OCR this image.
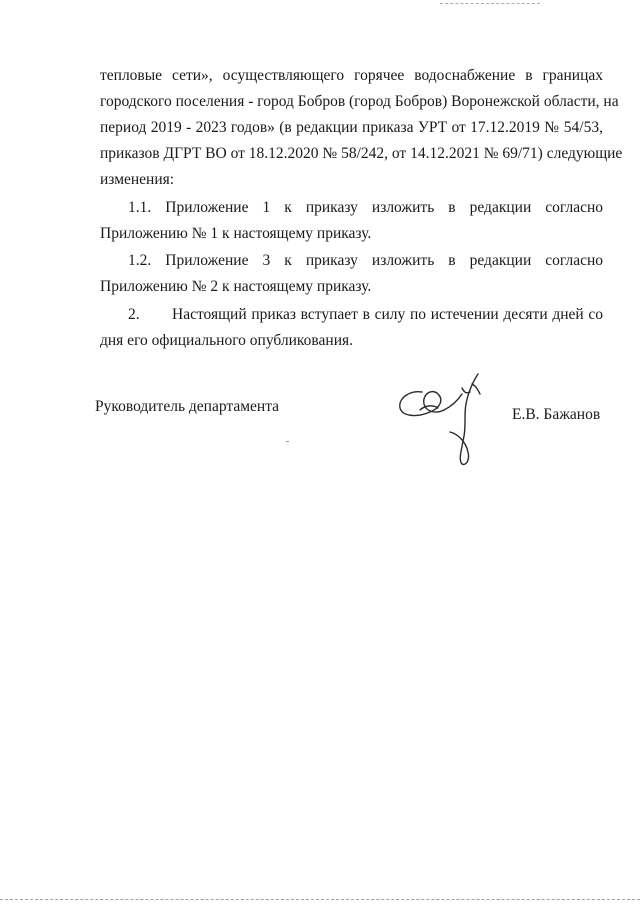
тепловые сети», осуществляющего горячее водоснабжение в границах
городского поселения - город Бобров (город Бобров) Воронежской области, на
период 2019 - 2023 годов» (в редакции приказа УРТ от 17.12.2019 № 54/53,
приказов ДГРТ ВО от 18.12.2020 № 58/242, от 14.12.2021 № 69/71) следующие
изменения:
1.1. Приложение 1 к приказу изложить в редакции согласно
Приложению № 1 к настоящему приказу.
1.2. Приложение 3 к приказу изложить в редакции согласно
Приложению № 2 к настоящему приказу.
2.	Настоящий приказ вступает в силу по истечении десяти дней со
дня его официального опубликования.
Руководитель департамента	Е.В. Бажанов
